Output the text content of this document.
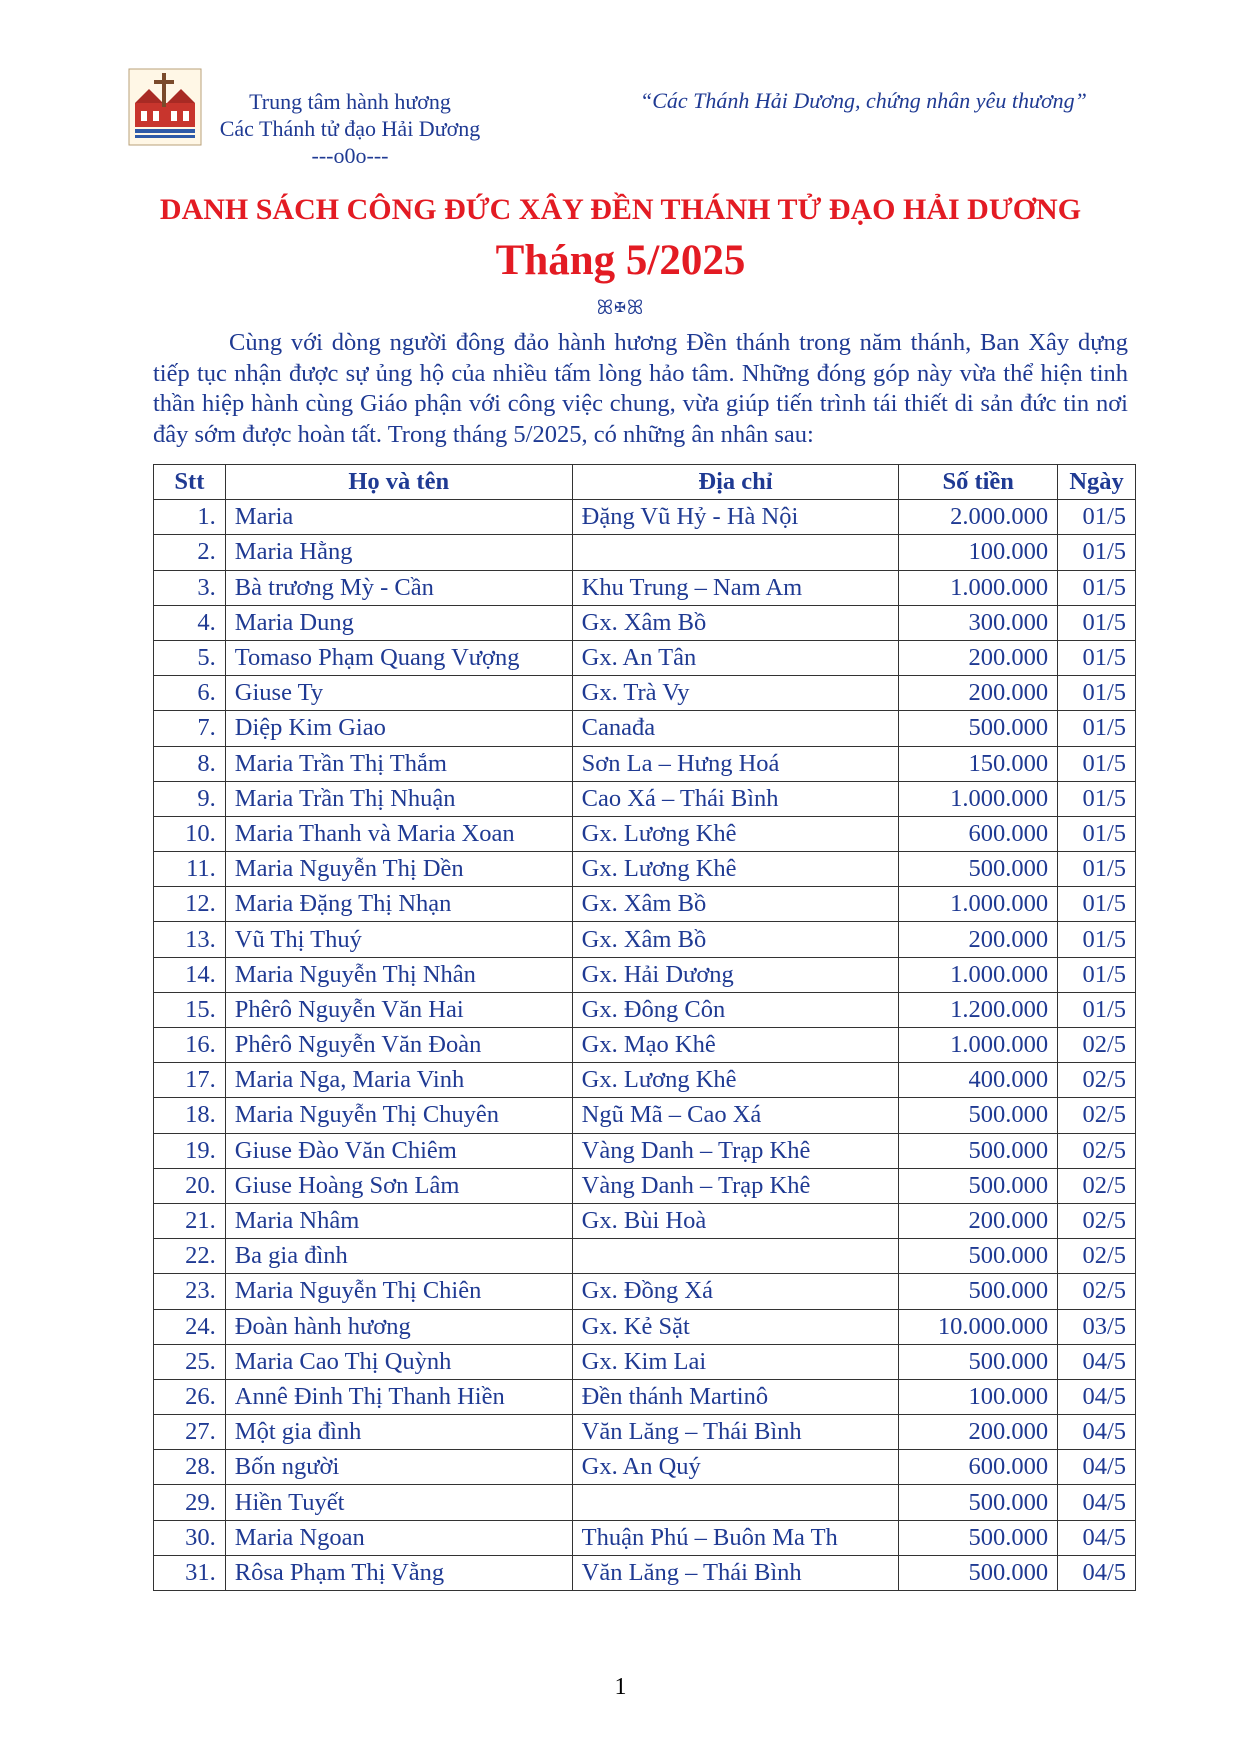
Trung tâm hành hương
Các Thánh tử đạo Hải Dương
---o0o---
“Các Thánh Hải Dương, chứng nhân yêu thương”
DANH SÁCH CÔNG ĐỨC XÂY ĐỀN THÁNH TỬ ĐẠO HẢI DƯƠNG
Tháng 5/2025
ꕤ✠ꕤ
Cùng với dòng người đông đảo hành hương Đền thánh trong năm thánh, Ban Xây dựng tiếp tục nhận được sự ủng hộ của nhiều tấm lòng hảo tâm. Những đóng góp này vừa thể hiện tinh thần hiệp hành cùng Giáo phận với công việc chung, vừa giúp tiến trình tái thiết di sản đức tin nơi đây sớm được hoàn tất. Trong tháng 5/2025, có những ân nhân sau:
Stt	Họ và tên	Địa chỉ	Số tiền	Ngày
1.	Maria	Đặng Vũ Hỷ - Hà Nội	2.000.000	01/5
2.	Maria Hằng		100.000	01/5
3.	Bà trương Mỳ - Cần	Khu Trung – Nam Am	1.000.000	01/5
4.	Maria Dung	Gx. Xâm Bồ	300.000	01/5
5.	Tomaso Phạm Quang Vượng	Gx. An Tân	200.000	01/5
6.	Giuse Ty	Gx. Trà Vy	200.000	01/5
7.	Diệp Kim Giao	Canađa	500.000	01/5
8.	Maria Trần Thị Thắm	Sơn La – Hưng Hoá	150.000	01/5
9.	Maria Trần Thị Nhuận	Cao Xá – Thái Bình	1.000.000	01/5
10.	Maria Thanh và Maria Xoan	Gx. Lương Khê	600.000	01/5
11.	Maria Nguyễn Thị Dền	Gx. Lương Khê	500.000	01/5
12.	Maria Đặng Thị Nhạn	Gx. Xâm Bồ	1.000.000	01/5
13.	Vũ Thị Thuý	Gx. Xâm Bồ	200.000	01/5
14.	Maria Nguyễn Thị Nhân	Gx. Hải Dương	1.000.000	01/5
15.	Phêrô Nguyễn Văn Hai	Gx. Đông Côn	1.200.000	01/5
16.	Phêrô Nguyễn Văn Đoàn	Gx. Mạo Khê	1.000.000	02/5
17.	Maria Nga, Maria Vinh	Gx. Lương Khê	400.000	02/5
18.	Maria Nguyễn Thị Chuyên	Ngũ Mã – Cao Xá	500.000	02/5
19.	Giuse Đào Văn Chiêm	Vàng Danh – Trạp Khê	500.000	02/5
20.	Giuse Hoàng Sơn Lâm	Vàng Danh – Trạp Khê	500.000	02/5
21.	Maria Nhâm	Gx. Bùi Hoà	200.000	02/5
22.	Ba gia đình		500.000	02/5
23.	Maria Nguyễn Thị Chiên	Gx. Đồng Xá	500.000	02/5
24.	Đoàn hành hương	Gx. Kẻ Sặt	10.000.000	03/5
25.	Maria Cao Thị Quỳnh	Gx. Kim Lai	500.000	04/5
26.	Annê Đinh Thị Thanh Hiền	Đền thánh Martinô	100.000	04/5
27.	Một gia đình	Văn Lăng – Thái Bình	200.000	04/5
28.	Bốn người	Gx. An Quý	600.000	04/5
29.	Hiền Tuyết		500.000	04/5
30.	Maria Ngoan	Thuận Phú – Buôn Ma Th	500.000	04/5
31.	Rôsa Phạm Thị Vằng	Văn Lăng – Thái Bình	500.000	04/5
1
